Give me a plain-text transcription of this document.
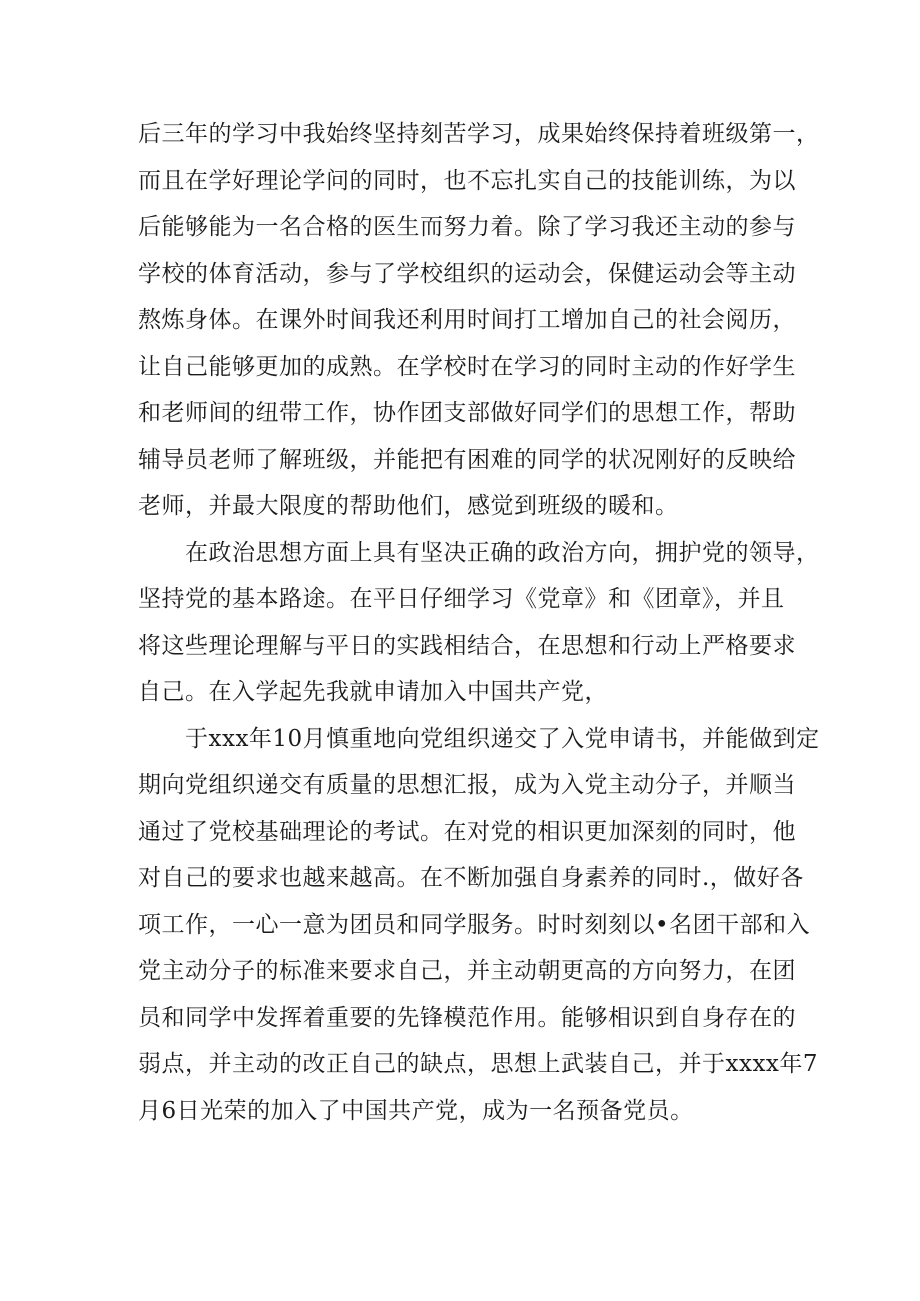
后三年的学习中我始终坚持刻苦学习，成果始终保持着班级第一，
而且在学好理论学问的同时，也不忘扎实自己的技能训练，为以
后能够能为一名合格的医生而努力着。除了学习我还主动的参与
学校的体育活动，参与了学校组织的运动会，保健运动会等主动
熬炼身体。在课外时间我还利用时间打工增加自己的社会阅历，
让自己能够更加的成熟。在学校时在学习的同时主动的作好学生
和老师间的纽带工作，协作团支部做好同学们的思想工作，帮助
辅导员老师了解班级，并能把有困难的同学的状况刚好的反映给
老师，并最大限度的帮助他们，感觉到班级的暖和。
在政治思想方面上具有坚决正确的政治方向，拥护党的领导，
坚持党的基本路途。在平日仔细学习《党章》和《团章》，并且
将这些理论理解与平日的实践相结合，在思想和行动上严格要求
自己。在入学起先我就申请加入中国共产党，
于xxx年10月慎重地向党组织递交了入党申请书，并能做到定
期向党组织递交有质量的思想汇报，成为入党主动分子，并顺当
通过了党校基础理论的考试。在对党的相识更加深刻的同时，他
对自己的要求也越来越高。在不断加强自身素养的同时.，做好各
项工作，一心一意为团员和同学服务。时时刻刻以•名团干部和入
党主动分子的标准来要求自己，并主动朝更高的方向努力，在团
员和同学中发挥着重要的先锋模范作用。能够相识到自身存在的
弱点，并主动的改正自己的缺点，思想上武装自己，并于xxxx年7
月6日光荣的加入了中国共产党，成为一名预备党员。
